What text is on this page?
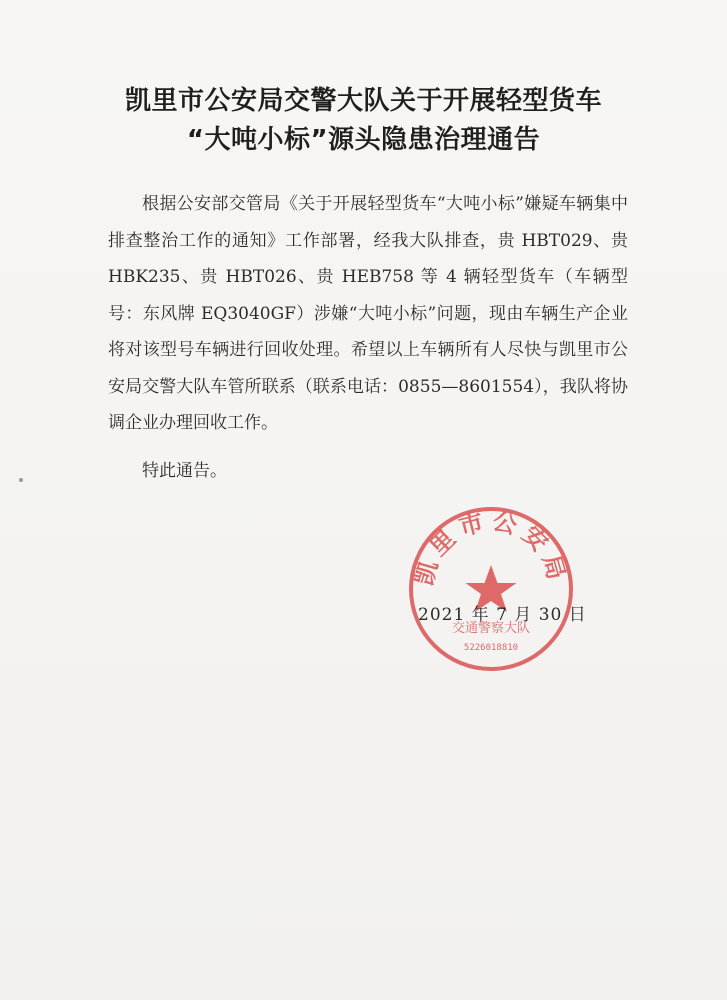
凯里市公安局交警大队关于开展轻型货车
“大吨小标”源头隐患治理通告

根据公安部交管局《关于开展轻型货车“大吨小标”嫌疑车辆集中排查整治工作的通知》工作部署，经我大队排查，贵 HBT029、贵 HBK235、贵 HBT026、贵 HEB758 等 4 辆轻型货车（车辆型号：东风牌 EQ3040GF）涉嫌“大吨小标”问题，现由车辆生产企业将对该型号车辆进行回收处理。希望以上车辆所有人尽快与凯里市公安局交警大队车管所联系（联系电话：0855—8601554），我队将协调企业办理回收工作。

特此通告。

凯里市公安局
交通警察大队
5226018810
2021 年 7 月 30 日
